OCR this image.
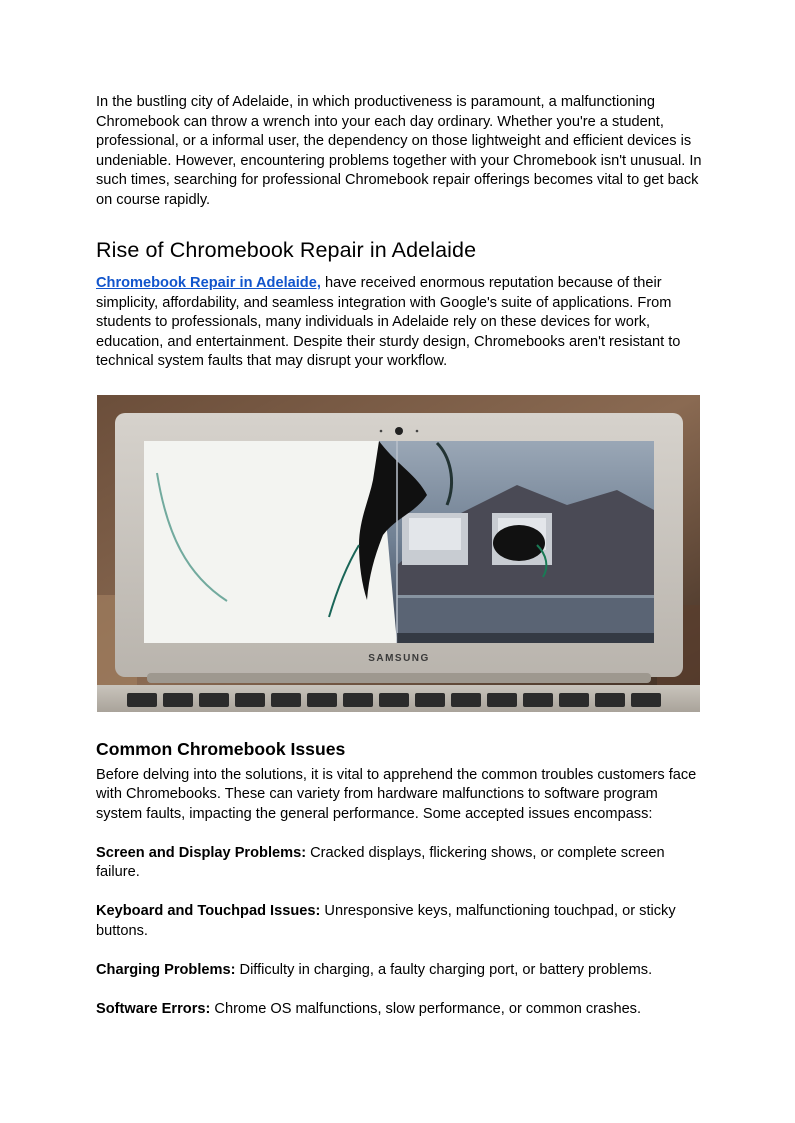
In the bustling city of Adelaide, in which productiveness is paramount, a malfunctioning Chromebook can throw a wrench into your each day ordinary. Whether you're a student, professional, or a informal user, the dependency on those lightweight and efficient devices is undeniable. However, encountering problems together with your Chromebook isn't unusual. In such times, searching for professional Chromebook repair offerings becomes vital to get back on course rapidly.

Rise of Chromebook Repair in Adelaide

Chromebook Repair in Adelaide, have received enormous reputation because of their simplicity, affordability, and seamless integration with Google's suite of applications. From students to professionals, many individuals in Adelaide rely on these devices for work, education, and entertainment. Despite their sturdy design, Chromebooks aren't resistant to technical system faults that may disrupt your workflow.

SAMSUNG
Common Chromebook Issues

Before delving into the solutions, it is vital to apprehend the common troubles customers face with Chromebooks. These can variety from hardware malfunctions to software program system faults, impacting the general performance. Some accepted issues encompass:

Screen and Display Problems: Cracked displays, flickering shows, or complete screen failure.

Keyboard and Touchpad Issues: Unresponsive keys, malfunctioning touchpad, or sticky buttons.

Charging Problems: Difficulty in charging, a faulty charging port, or battery problems.

Software Errors: Chrome OS malfunctions, slow performance, or common crashes.
